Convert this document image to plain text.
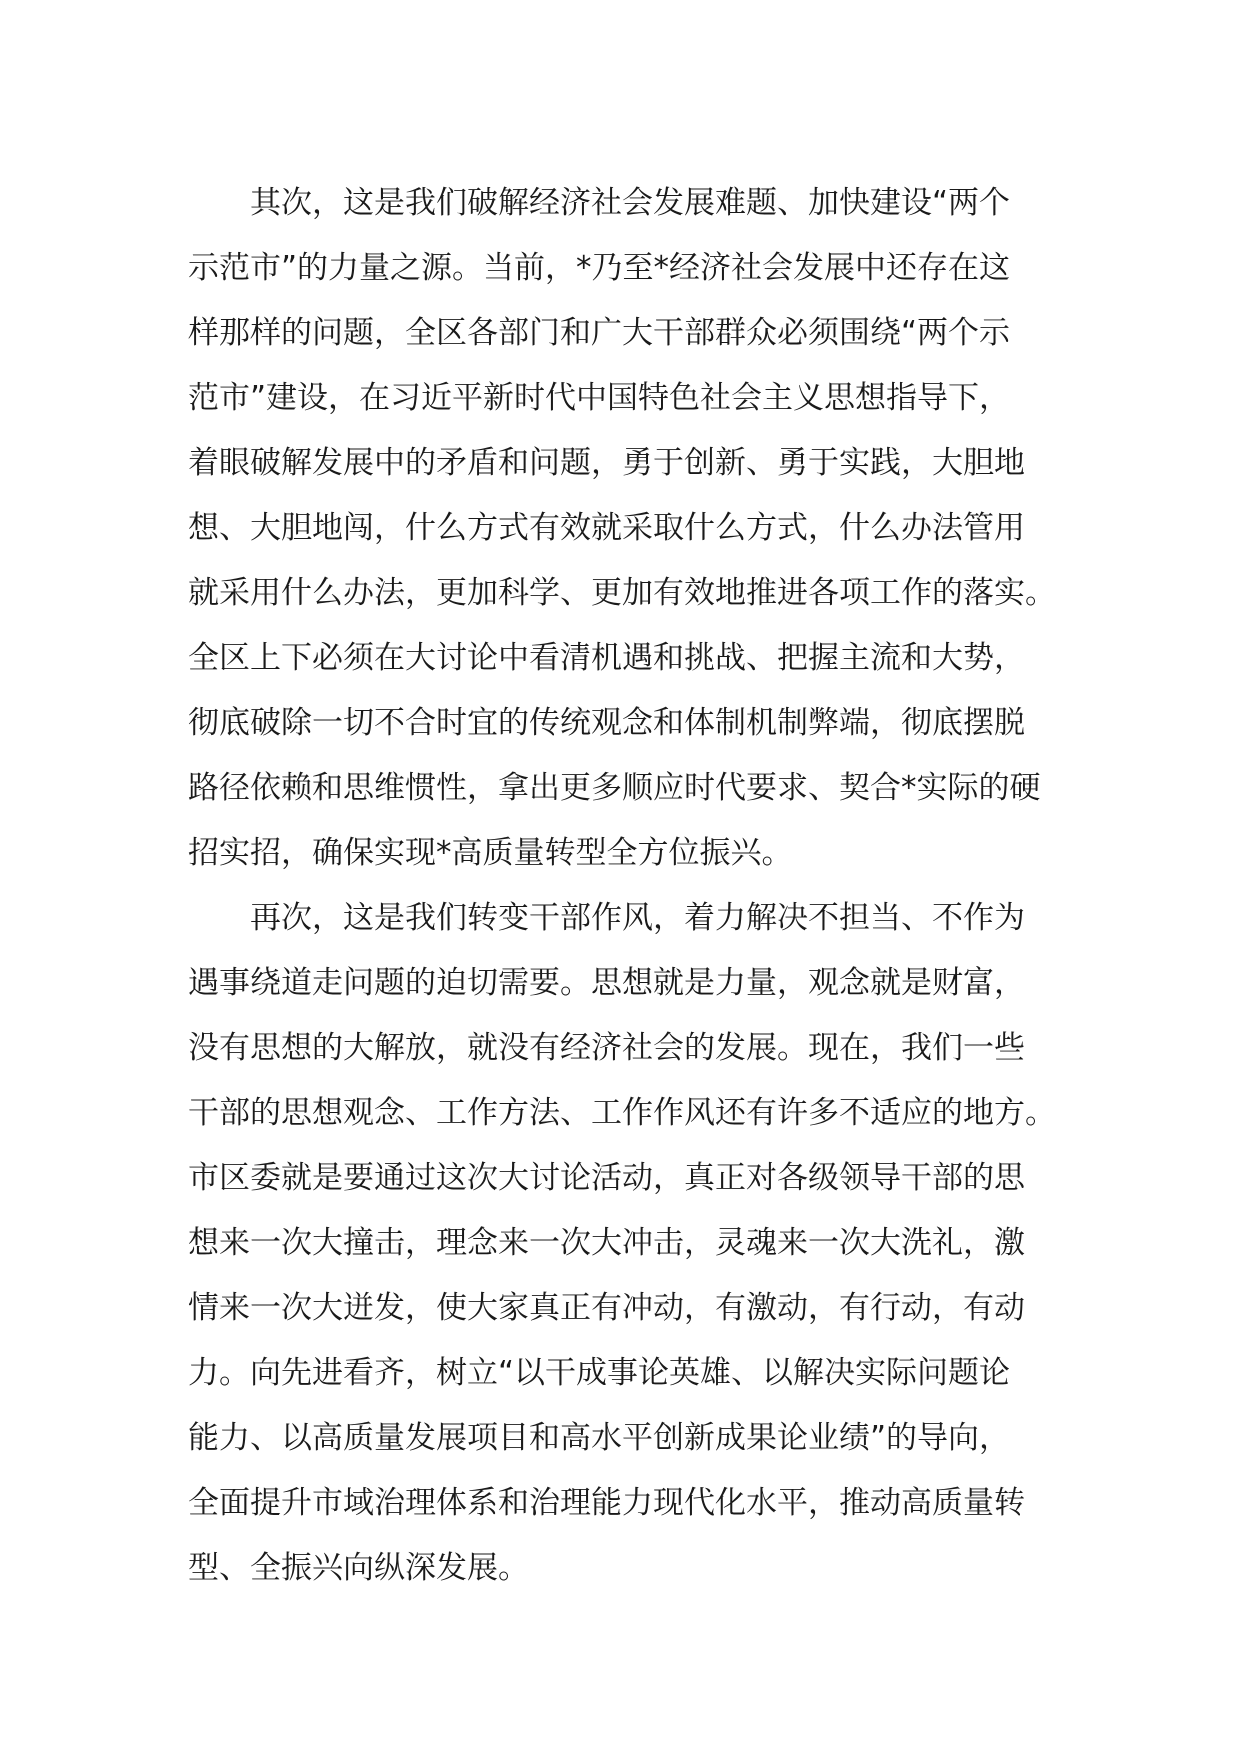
其次，这是我们破解经济社会发展难题、加快建设“两个
示范市”的力量之源。当前，*乃至*经济社会发展中还存在这
样那样的问题，全区各部门和广大干部群众必须围绕“两个示
范市”建设，在习近平新时代中国特色社会主义思想指导下，
着眼破解发展中的矛盾和问题，勇于创新、勇于实践，大胆地
想、大胆地闯，什么方式有效就采取什么方式，什么办法管用
就采用什么办法，更加科学、更加有效地推进各项工作的落实。
全区上下必须在大讨论中看清机遇和挑战、把握主流和大势，
彻底破除一切不合时宜的传统观念和体制机制弊端，彻底摆脱
路径依赖和思维惯性，拿出更多顺应时代要求、契合*实际的硬
招实招，确保实现*高质量转型全方位振兴。
再次，这是我们转变干部作风，着力解决不担当、不作为
遇事绕道走问题的迫切需要。思想就是力量，观念就是财富，
没有思想的大解放，就没有经济社会的发展。现在，我们一些
干部的思想观念、工作方法、工作作风还有许多不适应的地方。
市区委就是要通过这次大讨论活动，真正对各级领导干部的思
想来一次大撞击，理念来一次大冲击，灵魂来一次大洗礼，激
情来一次大迸发，使大家真正有冲动，有激动，有行动，有动
力。向先进看齐，树立“以干成事论英雄、以解决实际问题论
能力、以高质量发展项目和高水平创新成果论业绩”的导向，
全面提升市域治理体系和治理能力现代化水平，推动高质量转
型、全振兴向纵深发展。
